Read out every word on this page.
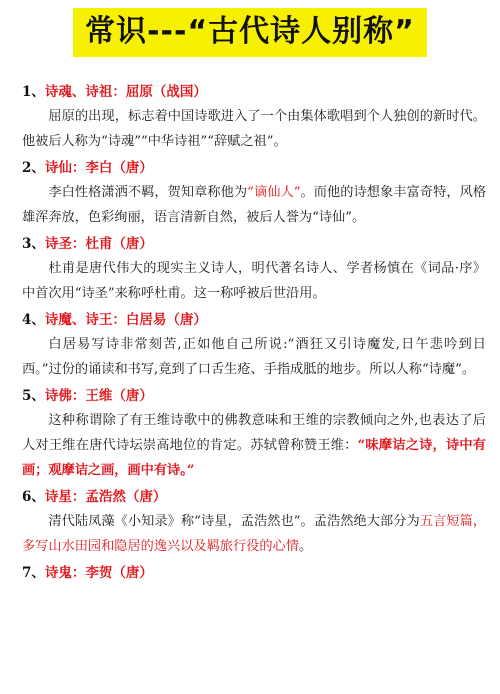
常识---“古代诗人别称”
1、诗魂、诗祖：屈原（战国）

屈原的出现，标志着中国诗歌进入了一个由集体歌唱到个人独创的新时代。他被后人称为“诗魂”“中华诗祖”“辞赋之祖”。

2、诗仙：李白（唐）

李白性格潇洒不羁，贺知章称他为“谪仙人”。而他的诗想象丰富奇特，风格雄浑奔放，色彩绚丽，语言清新自然，被后人誉为“诗仙”。

3、诗圣：杜甫（唐）

杜甫是唐代伟大的现实主义诗人，明代著名诗人、学者杨慎在《词品·序》中首次用“诗圣”来称呼杜甫。这一称呼被后世沿用。

4、诗魔、诗王：白居易（唐）

白居易写诗非常刻苦,正如他自己所说:“酒狂又引诗魔发,日午悲吟到日西。”过份的诵读和书写,竟到了口舌生疮、手指成胝的地步。所以人称“诗魔”。

5、诗佛：王维（唐）

这种称谓除了有王维诗歌中的佛教意味和王维的宗教倾向之外,也表达了后人对王维在唐代诗坛崇高地位的肯定。苏轼曾称赞王维：“味摩诘之诗，诗中有画；观摩诘之画，画中有诗。”

6、诗星：孟浩然（唐）

清代陆凤藻《小知录》称“诗星，孟浩然也”。孟浩然绝大部分为五言短篇，多写山水田园和隐居的逸兴以及羁旅行役的心情。

7、诗鬼：李贺（唐）
